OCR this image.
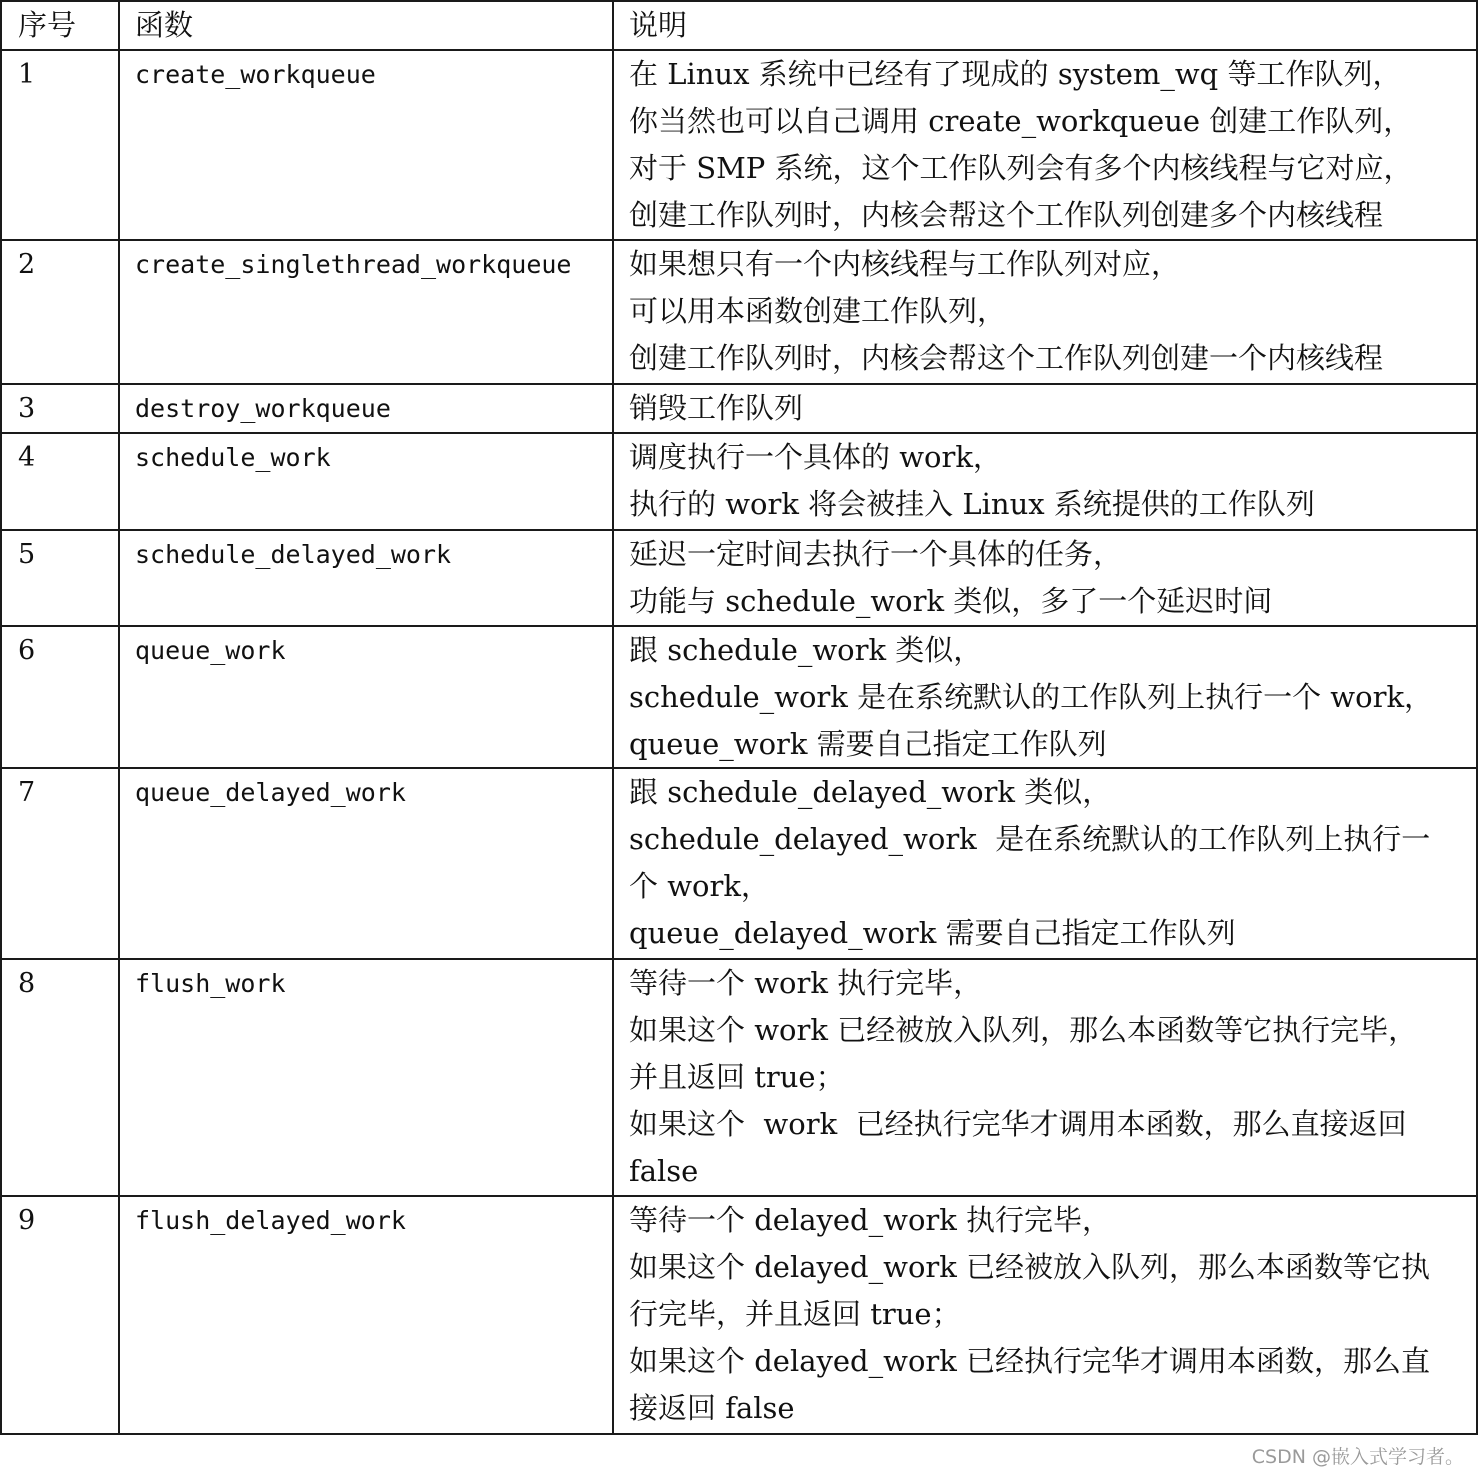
序号 函数	说明
1	create_workqueue	在 Linux 系统中已经有了现成的 system_wq 等工作队列，
你当然也可以自己调用 create_workqueue 创建工作队列，
对于 SMP 系统，这个工作队列会有多个内核线程与它对应，
创建工作队列时，内核会帮这个工作队列创建多个内核线程
2	create_singlethread_workqueue 如果想只有一个内核线程与工作队列对应，
可以用本函数创建工作队列，
创建工作队列时，内核会帮这个工作队列创建一个内核线程
3	destroy_workqueue	销毁工作队列
4	schedule_work	调度执行一个具体的 work，
执行的 work 将会被挂入 Linux 系统提供的工作队列
5	schedule_delayed_work	延迟一定时间去执行一个具体的任务，
功能与 schedule_work 类似，多了一个延迟时间
6	queue_work	跟 schedule_work 类似，
schedule_work 是在系统默认的工作队列上执行一个 work，
queue_work 需要自己指定工作队列
7	queue_delayed_work	跟 schedule_delayed_work 类似，
schedule_delayed_work  是在系统默认的工作队列上执行一
个 work，
queue_delayed_work 需要自己指定工作队列
8	flush_work	等待一个 work 执行完毕，
如果这个 work 已经被放入队列，那么本函数等它执行完毕，
并且返回 true；
如果这个  work  已经执行完华才调用本函数，那么直接返回
false
9	flush_delayed_work	等待一个 delayed_work 执行完毕，
如果这个 delayed_work 已经被放入队列，那么本函数等它执
行完毕，并且返回 true；
如果这个 delayed_work 已经执行完华才调用本函数，那么直
接返回 false
CSDN @嵌入式学习者。
